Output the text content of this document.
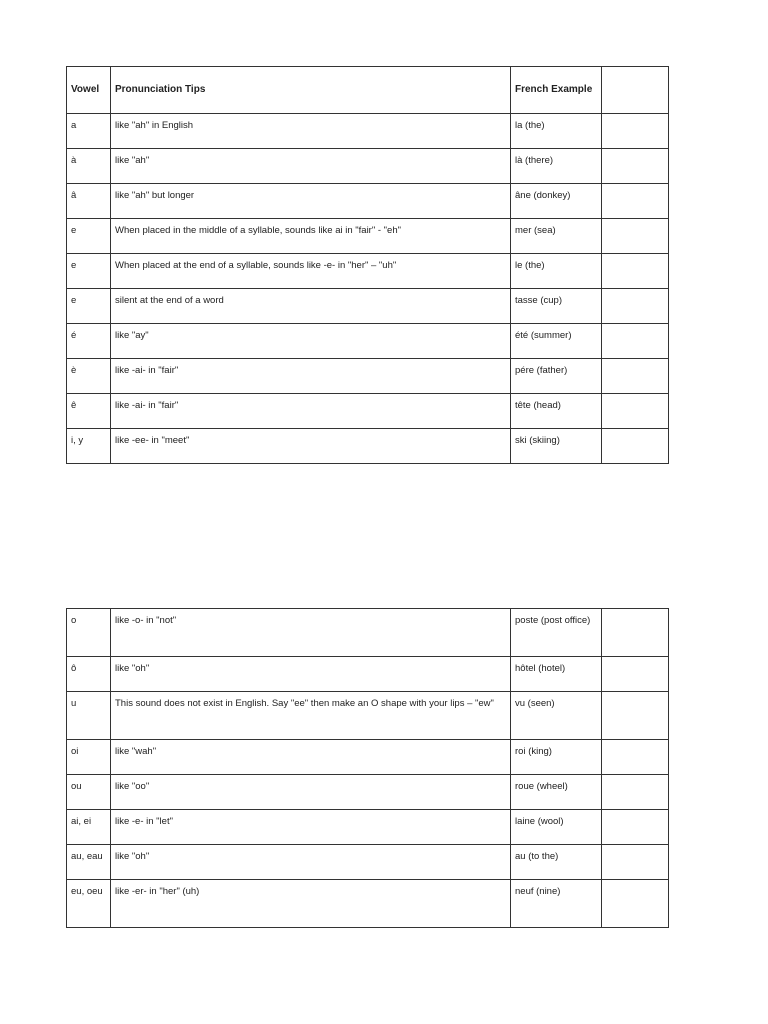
Vowel	Pronunciation Tips	French Example	
a	like "ah" in English	la (the)	
à	like "ah"	là (there)	
â	like "ah" but longer	âne (donkey)	
e	When placed in the middle of a syllable, sounds like ai in "fair" - "eh"	mer (sea)	
e	When placed at the end of a syllable, sounds like -e- in "her" – "uh"	le (the)	
e	silent at the end of a word	tasse (cup)	
é	like "ay"	été (summer)	
è	like -ai- in "fair"	pére (father)	
ê	like -ai- in "fair"	tête (head)	
i, y	like -ee- in "meet"	ski (skiing)	
o	like -o- in "not"	poste (post office)	
ô	like "oh"	hôtel (hotel)	
u	This sound does not exist in English. Say "ee" then make an O shape with your lips – "ew"	vu (seen)	
oi	like "wah"	roi (king)	
ou	like "oo"	roue (wheel)	
ai, ei	like -e- in "let"	laine (wool)	
au, eau	like "oh"	au (to the)	
eu, oeu	like -er- in "her" (uh)	neuf (nine)	
